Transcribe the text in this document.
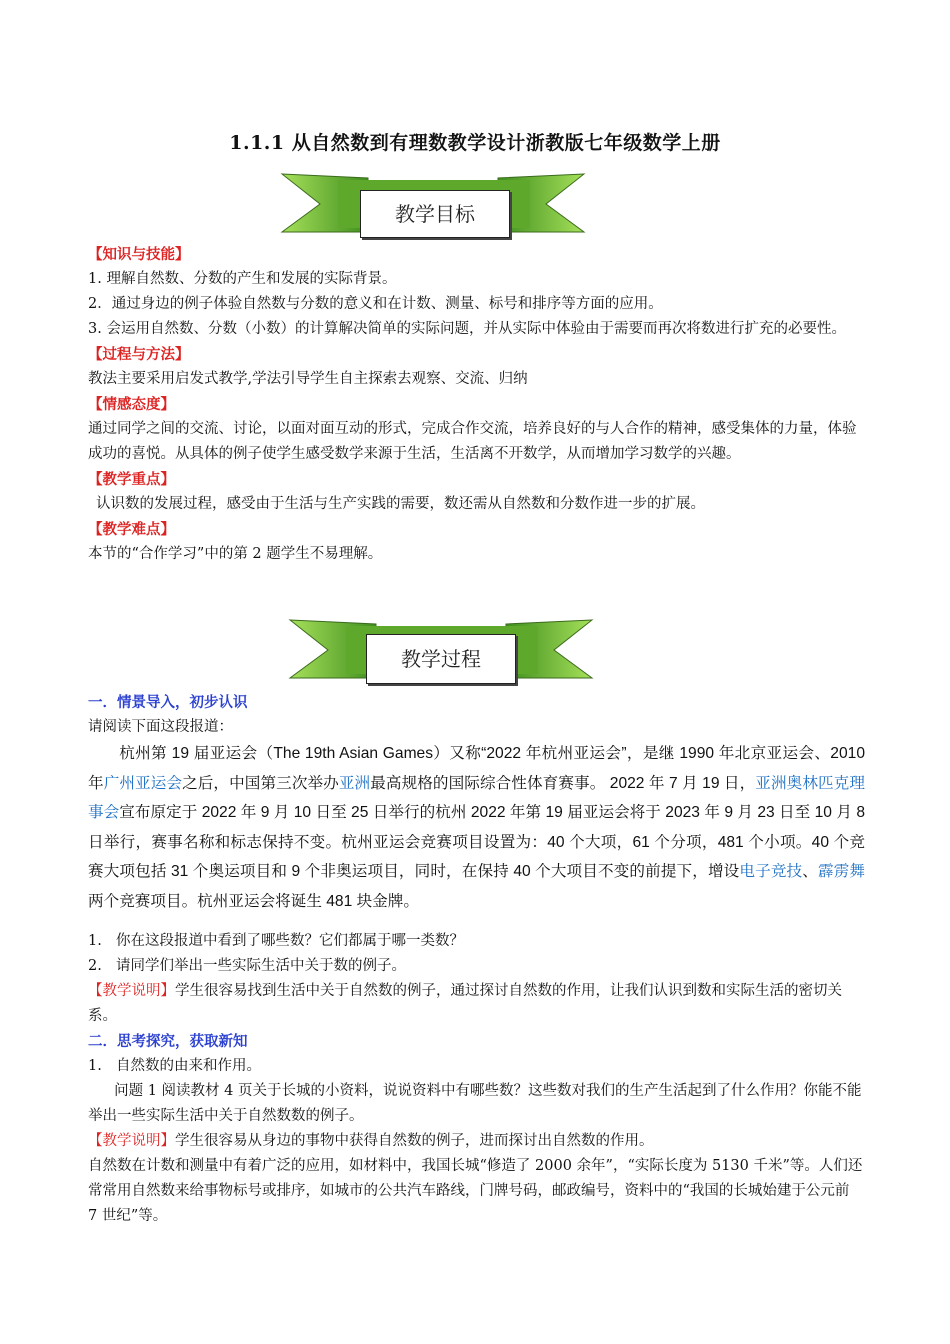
1.1.1 从自然数到有理数教学设计浙教版七年级数学上册
教学目标
【知识与技能】
1. 理解自然数、分数的产生和发展的实际背景。
2．通过身边的例子体验自然数与分数的意义和在计数、测量、标号和排序等方面的应用。
3. 会运用自然数、分数（小数）的计算解决简单的实际问题，并从实际中体验由于需要而再次将数进行扩充的必要性。
【过程与方法】
教法主要采用启发式教学,学法引导学生自主探索去观察、交流、归纳
【情感态度】
通过同学之间的交流、讨论，以面对面互动的形式，完成合作交流，培养良好的与人合作的精神，感受集体的力量，体验成功的喜悦。从具体的例子使学生感受数学来源于生活，生活离不开数学，从而增加学习数学的兴趣。
【教学重点】
认识数的发展过程，感受由于生活与生产实践的需要，数还需从自然数和分数作进一步的扩展。
【教学难点】
本节的“合作学习”中的第 2 题学生不易理解。
教学过程
一．情景导入，初步认识
请阅读下面这段报道：
杭州第 19 届亚运会（The 19th Asian Games）又称“2022 年杭州亚运会”，是继 1990 年北京亚运会、2010 年广州亚运会之后，中国第三次举办亚洲最高规格的国际综合性体育赛事。 2022 年 7 月 19 日，亚洲奥林匹克理事会宣布原定于 2022 年 9 月 10 日至 25 日举行的杭州 2022 年第 19 届亚运会将于 2023 年 9 月 23 日至 10 月 8 日举行，赛事名称和标志保持不变。杭州亚运会竞赛项目设置为：40 个大项，61 个分项，481 个小项。40 个竞赛大项包括 31 个奥运项目和 9 个非奥运项目，同时，在保持 40 个大项目不变的前提下，增设电子竞技、霹雳舞两个竞赛项目。杭州亚运会将诞生 481 块金牌。
1. 你在这段报道中看到了哪些数？它们都属于哪一类数？
2. 请同学们举出一些实际生活中关于数的例子。
【教学说明】学生很容易找到生活中关于自然数的例子，通过探讨自然数的作用，让我们认识到数和实际生活的密切关系。
二．思考探究，获取新知
1. 自然数的由来和作用。
问题 1 阅读教材 4 页关于长城的小资料，说说资料中有哪些数？这些数对我们的生产生活起到了什么作用？你能不能举出一些实际生活中关于自然数数的例子。
【教学说明】学生很容易从身边的事物中获得自然数的例子，进而探讨出自然数的作用。
自然数在计数和测量中有着广泛的应用，如材料中，我国长城“修造了 2000 余年”，“实际长度为 5130 千米”等。人们还常常用自然数来给事物标号或排序，如城市的公共汽车路线，门牌号码，邮政编号，资料中的“我国的长城始建于公元前 7 世纪”等。
